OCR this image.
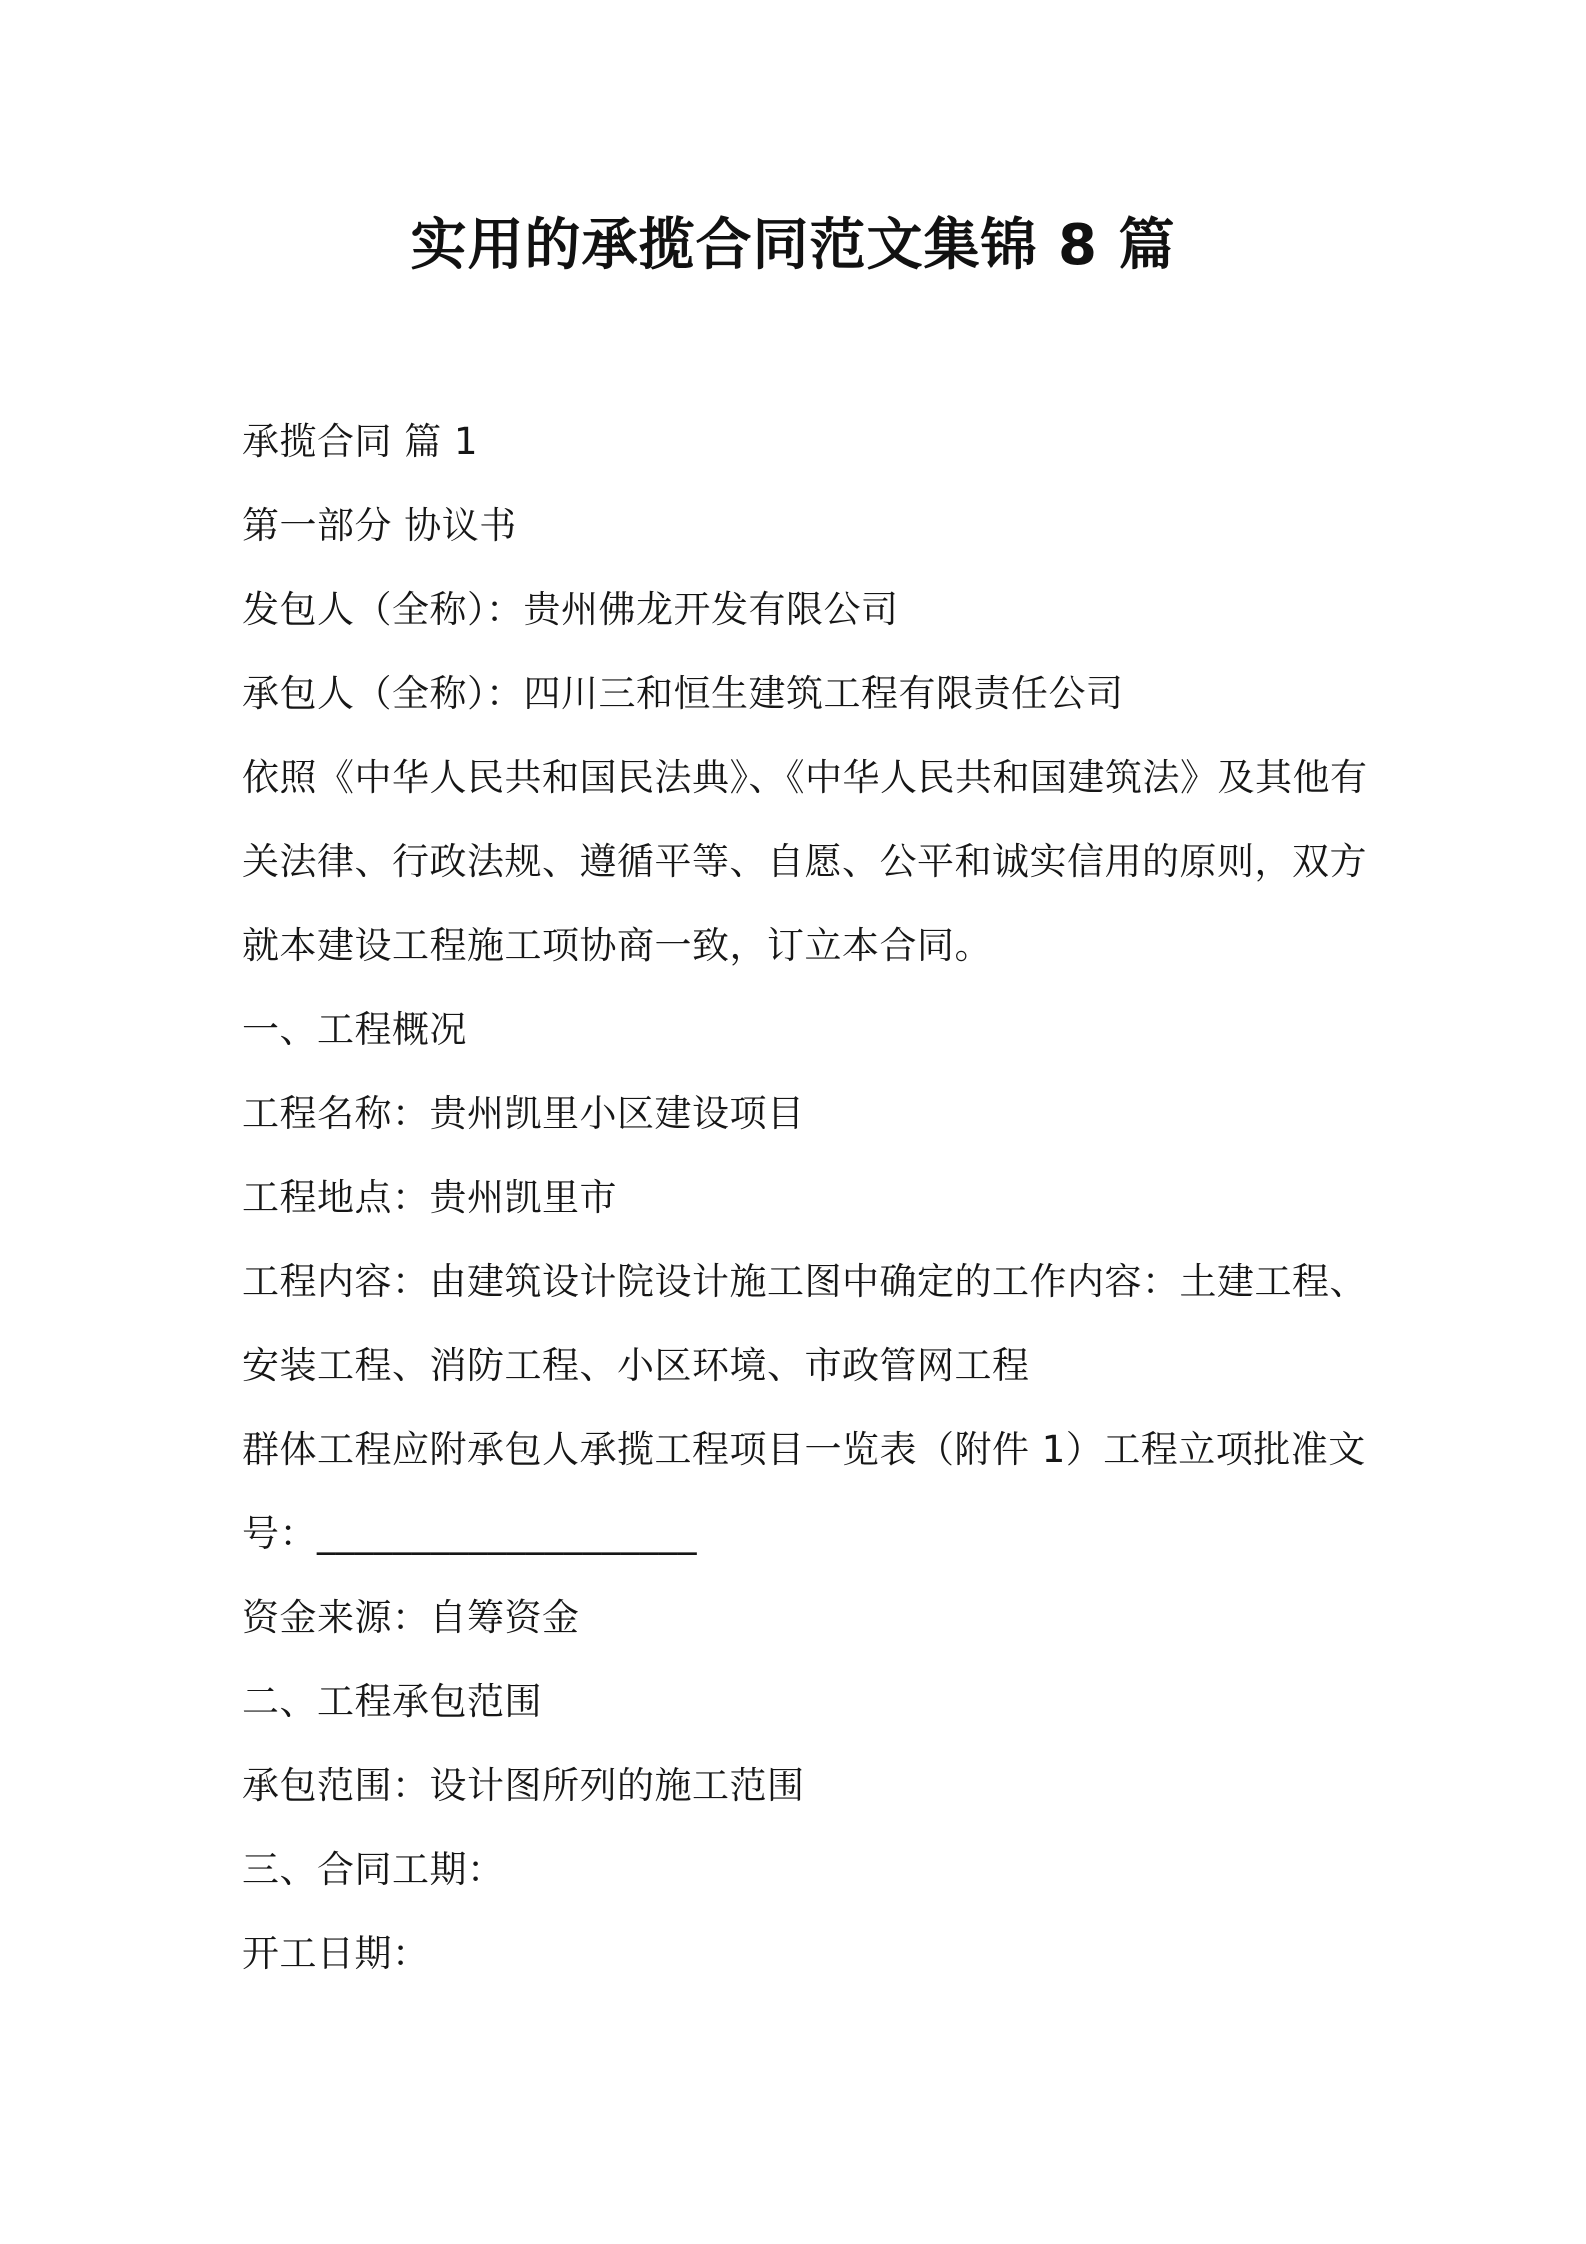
实用的承揽合同范文集锦 8 篇
承揽合同 篇 1
第一部分 协议书
发包人（全称）：贵州佛龙开发有限公司
承包人（全称）：四川三和恒生建筑工程有限责任公司
依照《中华人民共和国民法典》、《中华人民共和国建筑法》及其他有
关法律、行政法规、遵循平等、自愿、公平和诚实信用的原则，双方
就本建设工程施工项协商一致，订立本合同。
一、工程概况
工程名称：贵州凯里小区建设项目
工程地点：贵州凯里市
工程内容：由建筑设计院设计施工图中确定的工作内容：土建工程、
安装工程、消防工程、小区环境、市政管网工程
群体工程应附承包人承揽工程项目一览表（附件 1）工程立项批准文
号：____________________
资金来源：自筹资金
二、工程承包范围
承包范围：设计图所列的施工范围
三、合同工期：
开工日期：
